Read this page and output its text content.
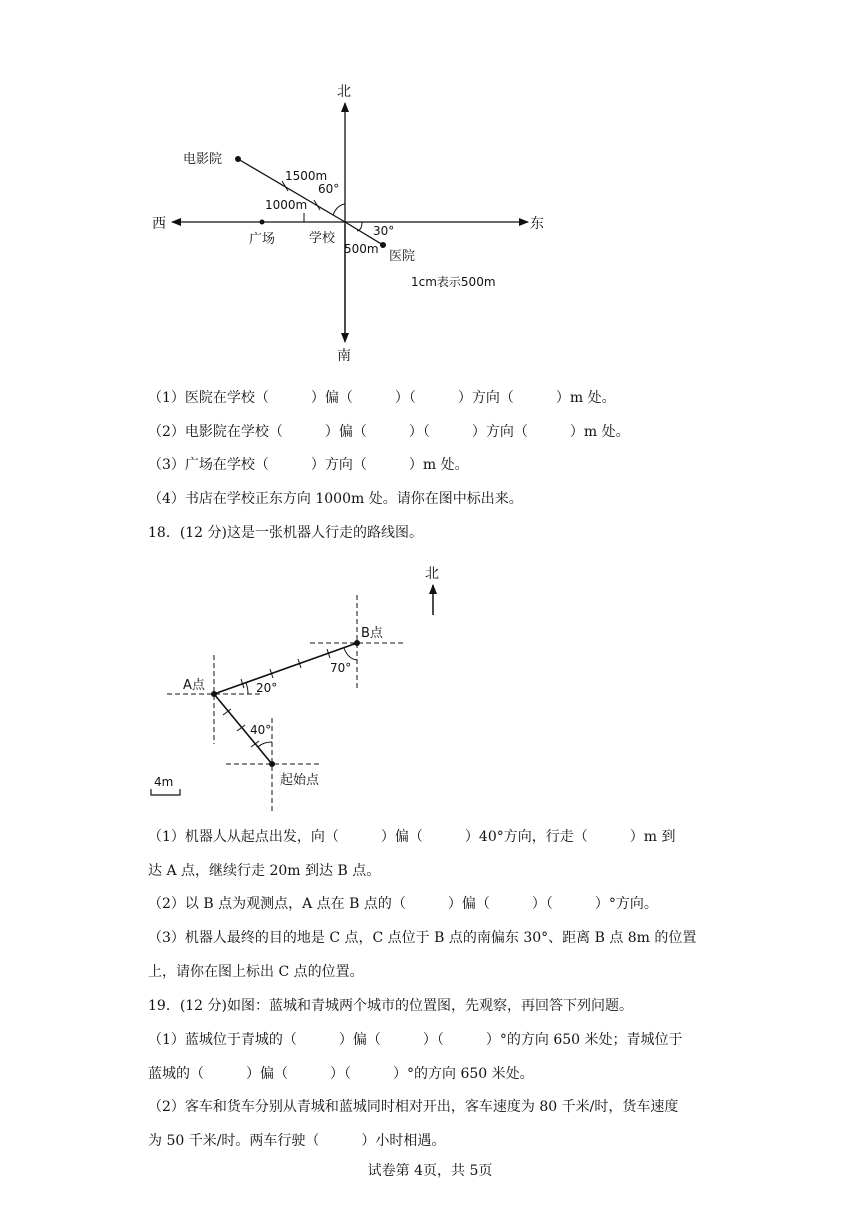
北
南
西	东
电影院
1500m
60°
1000m
广场	学校	30°
500m 医院
1cm表示500m
北
B点
70°
A点	20°
40°
起始点
4m
（1）医院在学校（　　　）偏（　　　）（　　　）方向（　　　）m 处。
（2）电影院在学校（　　　）偏（　　　）（　　　）方向（　　　）m 处。
（3）广场在学校（　　　）方向（　　　）m 处。
（4）书店在学校正东方向 1000m 处。请你在图中标出来。
18．(12 分)这是一张机器人行走的路线图。
（1）机器人从起点出发，向（　　　）偏（　　　）40°方向，行走（　　　）m 到
达 A 点，继续行走 20m 到达 B 点。
（2）以 B 点为观测点，A 点在 B 点的（　　　）偏（　　　）（　　　）°方向。
（3）机器人最终的目的地是 C 点，C 点位于 B 点的南偏东 30°、距离 B 点 8m 的位置
上，请你在图上标出 C 点的位置。
19．(12 分)如图：蓝城和青城两个城市的位置图，先观察，再回答下列问题。
（1）蓝城位于青城的（　　　）偏（　　　）（　　　）°的方向 650 米处；青城位于
蓝城的（　　　）偏（　　　）（　　　）°的方向 650 米处。
（2）客车和货车分别从青城和蓝城同时相对开出，客车速度为 80 千米/时，货车速度
为 50 千米/时。两车行驶（　　　）小时相遇。
试卷第 4页，共 5页
